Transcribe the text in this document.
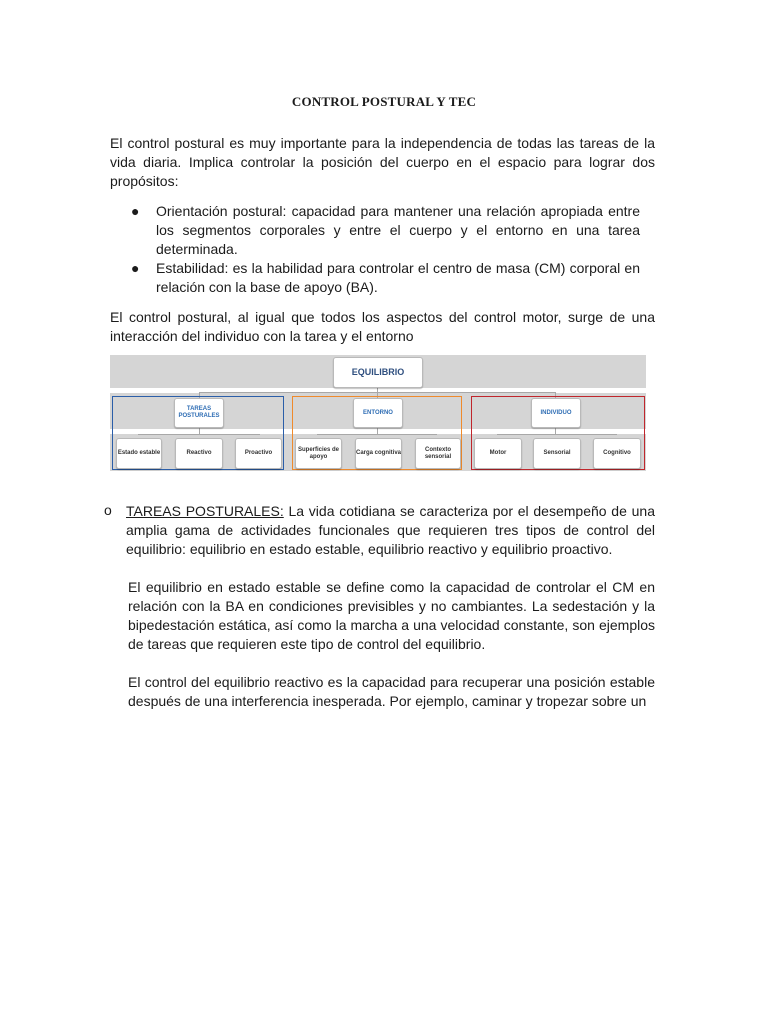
CONTROL POSTURAL Y TEC

El control postural es muy importante para la independencia de todas las tareas de la vida diaria. Implica controlar la posición del cuerpo en el espacio para lograr dos propósitos:

● Orientación postural: capacidad para mantener una relación apropiada entre los segmentos corporales y entre el cuerpo y el entorno en una tarea determinada.
● Estabilidad: es la habilidad para controlar el centro de masa (CM) corporal en relación con la base de apoyo (BA).

El control postural, al igual que todos los aspectos del control motor, surge de una interacción del individuo con la tarea y el entorno

EQUILIBRIO
TAREAS POSTURALES
ENTORNO	INDIVIDUO
Estado estable	Reactivo	Proactivo
Superficies de apoyo
Carga cognitiva
Contexto sensorial
Motor	Sensorial	Cognitivo
o TAREAS POSTURALES: La vida cotidiana se caracteriza por el desempeño de una amplia gama de actividades funcionales que requieren tres tipos de control del equilibrio: equilibrio en estado estable, equilibrio reactivo y equilibrio proactivo.

El equilibrio en estado estable se define como la capacidad de controlar el CM en relación con la BA en condiciones previsibles y no cambiantes. La sedestación y la bipedestación estática, así como la marcha a una velocidad constante, son ejemplos de tareas que requieren este tipo de control del equilibrio.

El control del equilibrio reactivo es la capacidad para recuperar una posición estable después de una interferencia inesperada. Por ejemplo, caminar y tropezar sobre un
